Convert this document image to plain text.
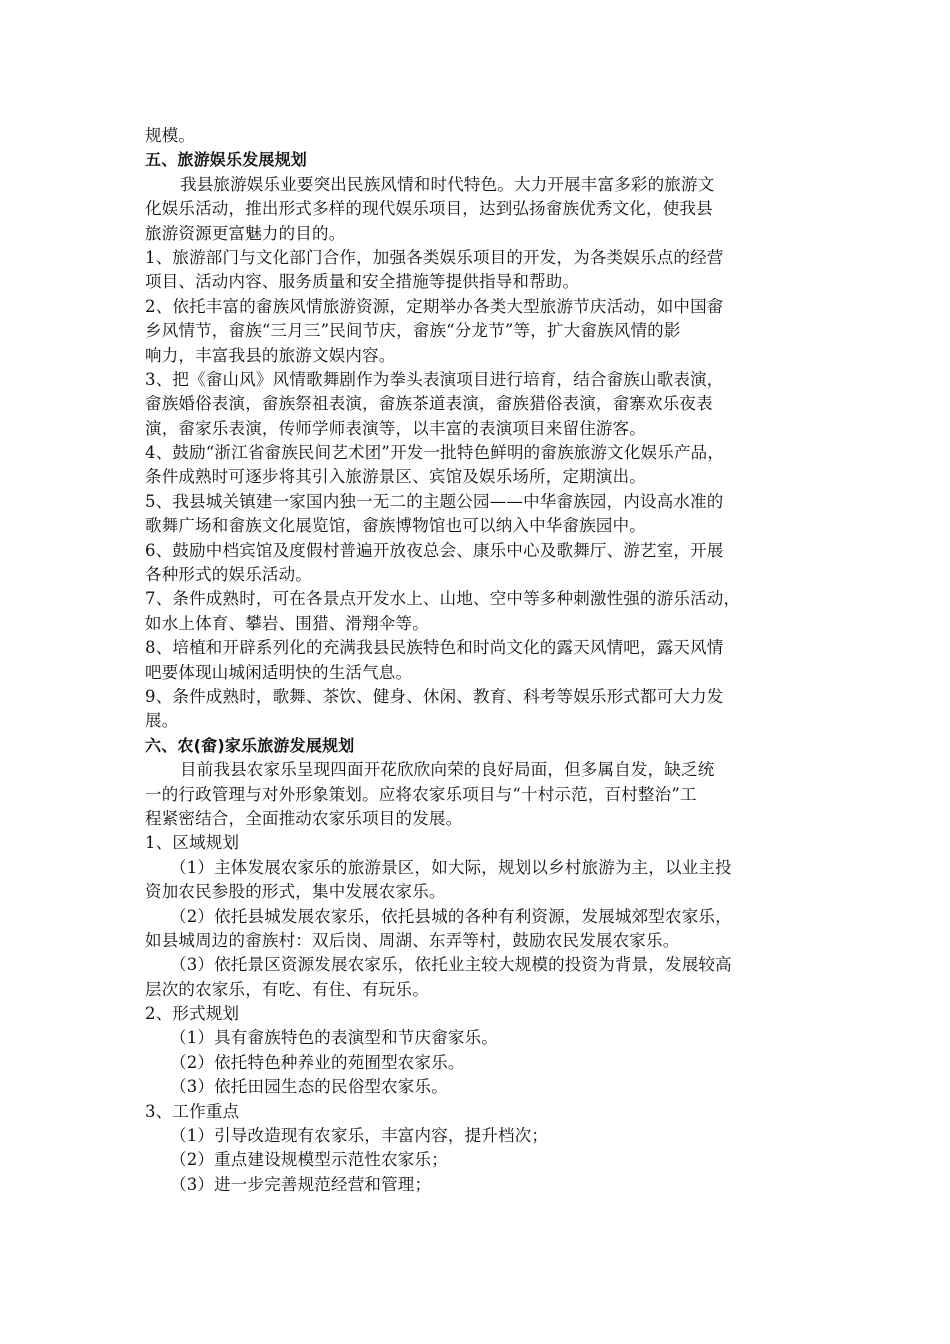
规模。
五、旅游娱乐发展规划
我县旅游娱乐业要突出民族风情和时代特色。大力开展丰富多彩的旅游文
化娱乐活动，推出形式多样的现代娱乐项目，达到弘扬畲族优秀文化，使我县
旅游资源更富魅力的目的。
1、旅游部门与文化部门合作，加强各类娱乐项目的开发，为各类娱乐点的经营
项目、活动内容、服务质量和安全措施等提供指导和帮助。
2、依托丰富的畲族风情旅游资源，定期举办各类大型旅游节庆活动，如中国畲
乡风情节，畲族“三月三”民间节庆，畲族“分龙节”等，扩大畲族风情的影
响力，丰富我县的旅游文娱内容。
3、把《畲山风》风情歌舞剧作为拳头表演项目进行培育，结合畲族山歌表演，
畲族婚俗表演，畲族祭祖表演，畲族茶道表演，畲族猎俗表演，畲寨欢乐夜表
演，畲家乐表演，传师学师表演等，以丰富的表演项目来留住游客。
4、鼓励“浙江省畲族民间艺术团”开发一批特色鲜明的畲族旅游文化娱乐产品，
条件成熟时可逐步将其引入旅游景区、宾馆及娱乐场所，定期演出。
5、我县城关镇建一家国内独一无二的主题公园——中华畲族园，内设高水准的
歌舞广场和畲族文化展览馆，畲族博物馆也可以纳入中华畲族园中。
6、鼓励中档宾馆及度假村普遍开放夜总会、康乐中心及歌舞厅、游艺室，开展
各种形式的娱乐活动。
7、条件成熟时，可在各景点开发水上、山地、空中等多种刺激性强的游乐活动，
如水上体育、攀岩、围猎、滑翔伞等。
8、培植和开辟系列化的充满我县民族特色和时尚文化的露天风情吧，露天风情
吧要体现山城闲适明快的生活气息。
9、条件成熟时，歌舞、茶饮、健身、休闲、教育、科考等娱乐形式都可大力发
展。
六、农(畲)家乐旅游发展规划
目前我县农家乐呈现四面开花欣欣向荣的良好局面，但多属自发，缺乏统
一的行政管理与对外形象策划。应将农家乐项目与“十村示范，百村整治”工
程紧密结合，全面推动农家乐项目的发展。
1、区域规划
（1）主体发展农家乐的旅游景区，如大际，规划以乡村旅游为主，以业主投
资加农民参股的形式，集中发展农家乐。
（2）依托县城发展农家乐，依托县城的各种有利资源，发展城郊型农家乐，
如县城周边的畲族村：双后岗、周湖、东弄等村，鼓励农民发展农家乐。
（3）依托景区资源发展农家乐，依托业主较大规模的投资为背景，发展较高
层次的农家乐，有吃、有住、有玩乐。
2、形式规划
（1）具有畲族特色的表演型和节庆畲家乐。
（2）依托特色种养业的苑囿型农家乐。
（3）依托田园生态的民俗型农家乐。
3、工作重点
（1）引导改造现有农家乐，丰富内容，提升档次；
（2）重点建设规模型示范性农家乐；
（3）进一步完善规范经营和管理；
